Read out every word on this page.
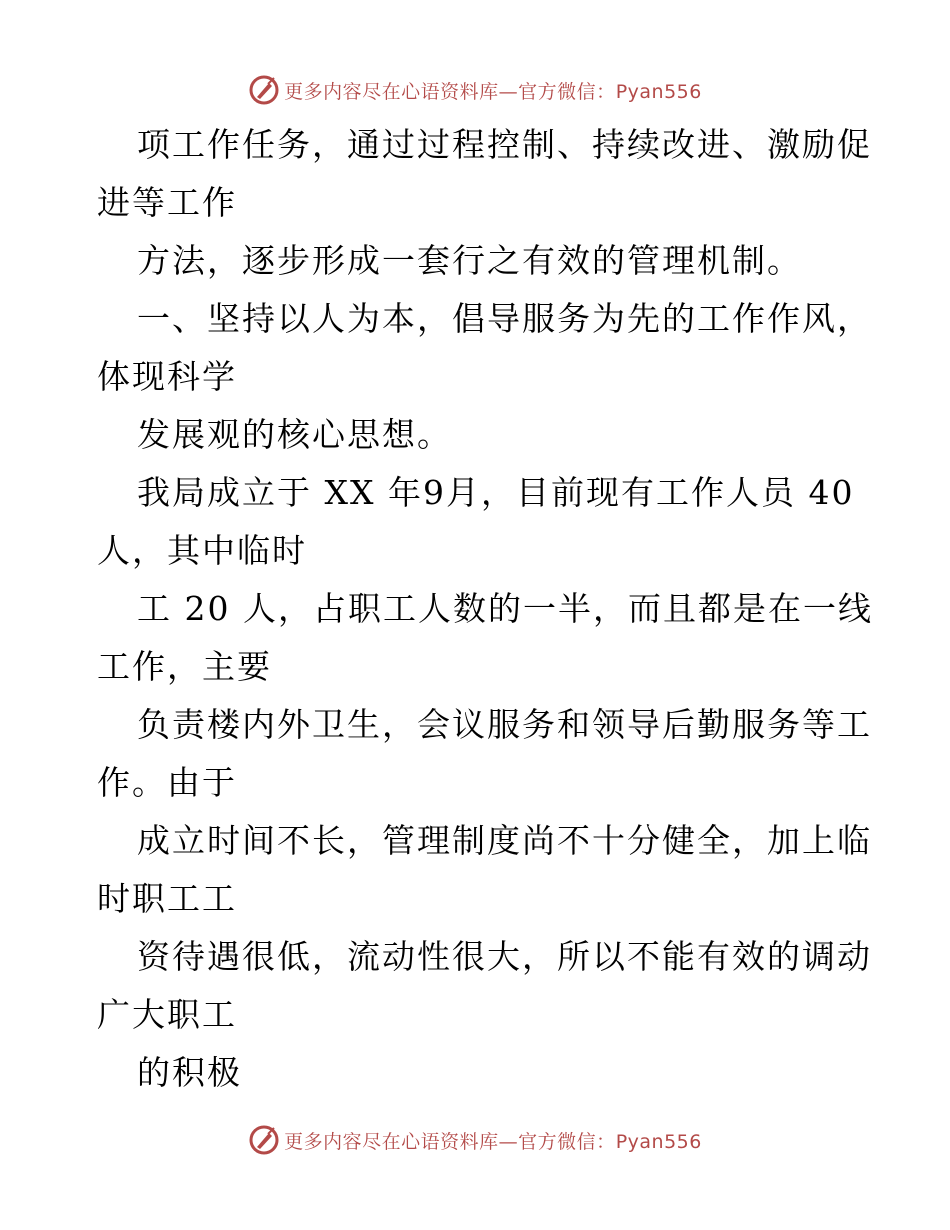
更多内容尽在心语资料库—官方微信：Pyan556
项工作任务，通过过程控制、持续改进、激励促
进等工作
方法，逐步形成一套行之有效的管理机制。
一、坚持以人为本，倡导服务为先的工作作风，
体现科学
发展观的核心思想。
我局成立于 XX 年9月，目前现有工作人员 40
人，其中临时
工 20 人，占职工人数的一半，而且都是在一线
工作，主要
负责楼内外卫生，会议服务和领导后勤服务等工
作。由于
成立时间不长，管理制度尚不十分健全，加上临
时职工工
资待遇很低，流动性很大，所以不能有效的调动
广大职工
的积极
更多内容尽在心语资料库—官方微信：Pyan556
